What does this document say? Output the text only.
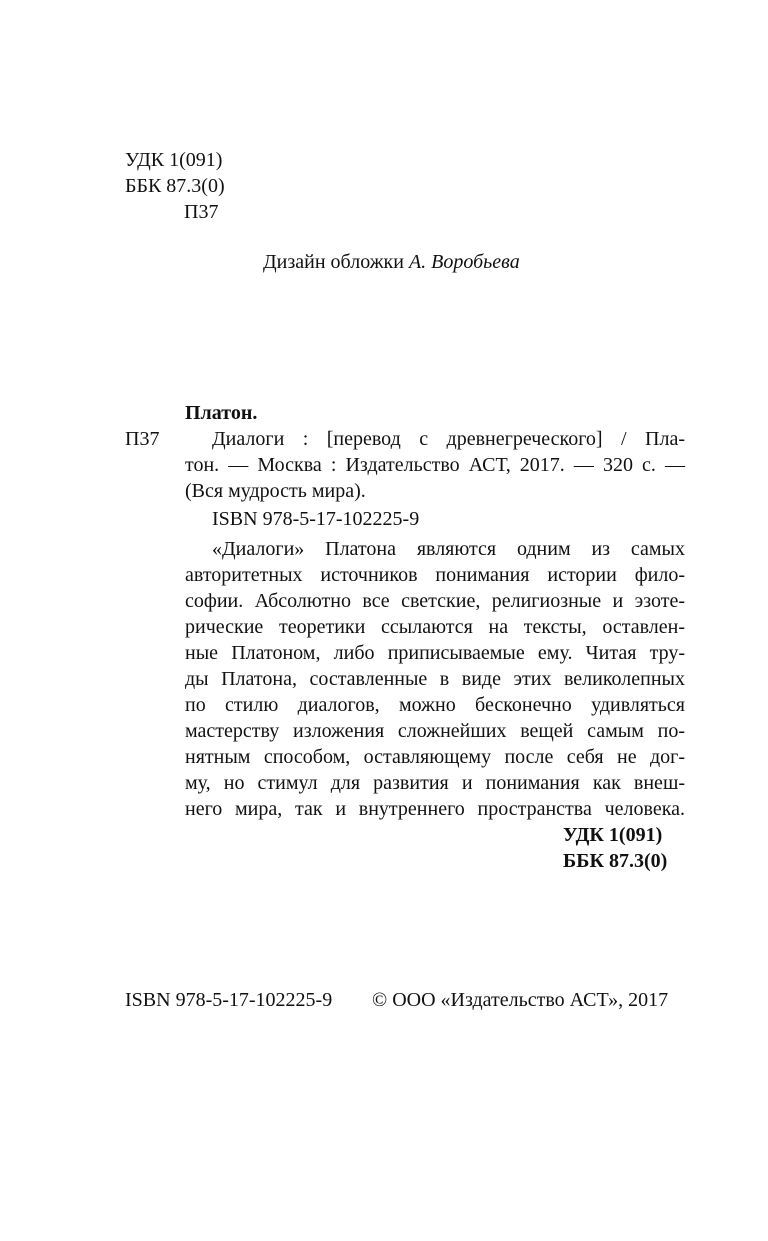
УДК 1(091)
ББК 87.3(0)
П37
Дизайн обложки А. Воробьева
Платон.
П37	Диалоги : [перевод с древнегреческого] / Пла-
тон. — Москва : Издательство АСТ, 2017. — 320 с. —
(Вся мудрость мира).
ISBN 978-5-17-102225-9
«Диалоги» Платона являются одним из самых
авторитетных источников понимания истории фило-
софии. Абсолютно все светские, религиозные и эзоте-
рические теоретики ссылаются на тексты, оставлен-
ные Платоном, либо приписываемые ему. Читая тру-
ды Платона, составленные в виде этих великолепных
по стилю диалогов, можно бесконечно удивляться
мастерству изложения сложнейших вещей самым по-
нятным способом, оставляющему после себя не дог-
му, но стимул для развития и понимания как внеш-
него мира, так и внутреннего пространства человека.
УДК 1(091)
ББК 87.3(0)
ISBN 978-5-17-102225-9 © ООО «Издательство АСТ», 2017
